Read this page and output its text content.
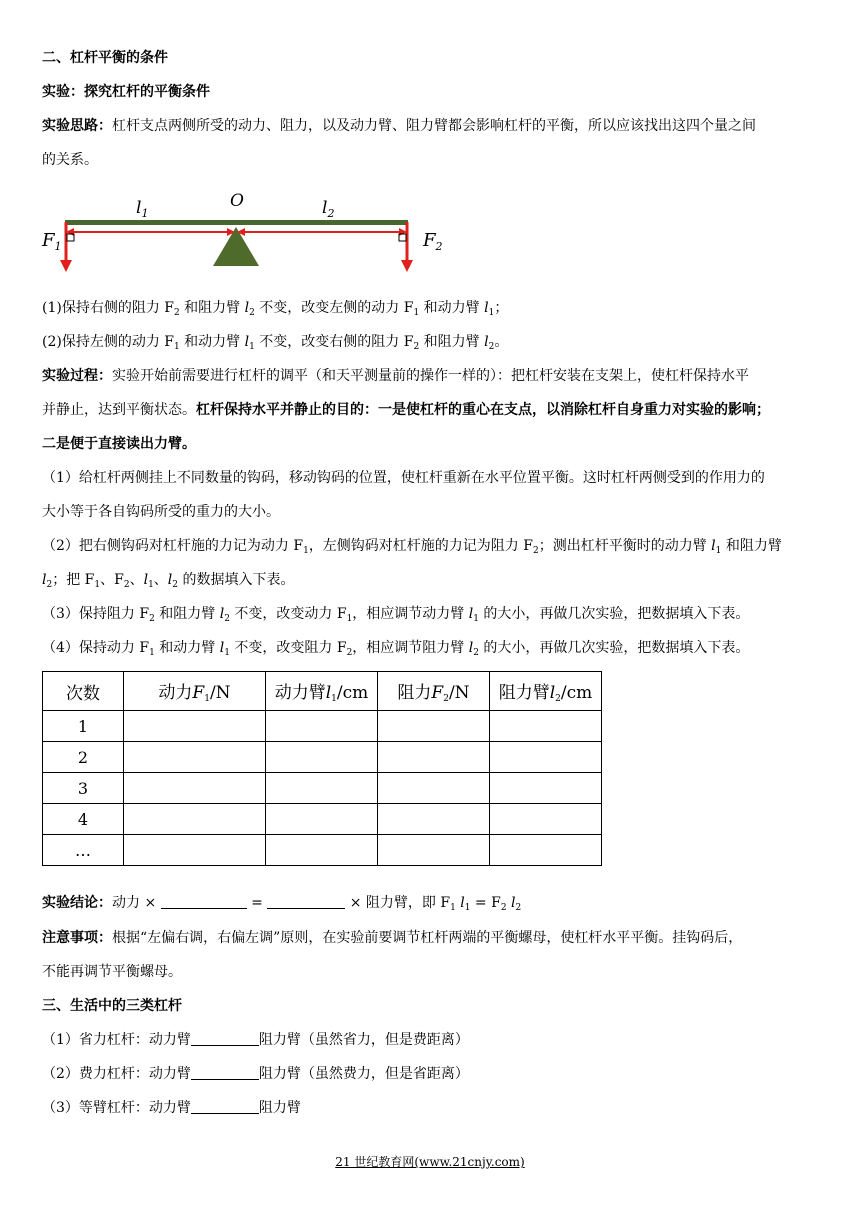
二、杠杆平衡的条件
实验：探究杠杆的平衡条件
实验思路：杠杆支点两侧所受的动力、阻力，以及动力臂、阻力臂都会影响杠杆的平衡，所以应该找出这四个量之间
的关系。
O
$l_1$	$l_2$
$F_1$	$F_2$
(1)保持右侧的阻力 $F_2$ 和阻力臂 $l_2$ 不变，改变左侧的动力 $F_1$ 和动力臂 $l_1$；
(2)保持左侧的动力 $F_1$ 和动力臂 $l_1$ 不变，改变右侧的阻力 $F_2$ 和阻力臂 $l_2$。
实验过程：实验开始前需要进行杠杆的调平（和天平测量前的操作一样的）：把杠杆安装在支架上，使杠杆保持水平
并静止，达到平衡状态。杠杆保持水平并静止的目的：一是使杠杆的重心在支点，以消除杠杆自身重力对实验的影响；
二是便于直接读出力臂。
（1）给杠杆两侧挂上不同数量的钩码，移动钩码的位置，使杠杆重新在水平位置平衡。这时杠杆两侧受到的作用力的
大小等于各自钩码所受的重力的大小。
（2）把右侧钩码对杠杆施的力记为动力 $F_1$，左侧钩码对杠杆施的力记为阻力 $F_2$；测出杠杆平衡时的动力臂 $l_1$ 和阻力臂
$l_2$；把 $F_1$、$F_2$、$l_1$、$l_2$ 的数据填入下表。
（3）保持阻力 $F_2$ 和阻力臂 $l_2$ 不变，改变动力 $F_1$，相应调节动力臂 $l_1$ 的大小，再做几次实验，把数据填入下表。
（4）保持动力 $F_1$ 和动力臂 $l_1$ 不变，改变阻力 $F_2$，相应调节阻力臂 $l_2$ 的大小，再做几次实验，把数据填入下表。
次数	动力$F_1/N$	动力臂$l_1/cm$	阻力$F_2/N$	阻力臂$l_2/cm$
1				
2				
3				
4				
…				
实验结论：动力 ×	=	× 阻力臂，即 $F_1$ $l_1 = F_2$ $l_2$
注意事项：根据“左偏右调，右偏左调”原则，在实验前要调节杠杆两端的平衡螺母，使杠杆水平平衡。挂钩码后，
不能再调节平衡螺母。
三、生活中的三类杠杆
（1）省力杠杆：动力臂	阻力臂（虽然省力，但是费距离）
（2）费力杠杆：动力臂	阻力臂（虽然费力，但是省距离）
（3）等臂杠杆：动力臂	阻力臂
21 世纪教育网(www.21cnjy.com)
